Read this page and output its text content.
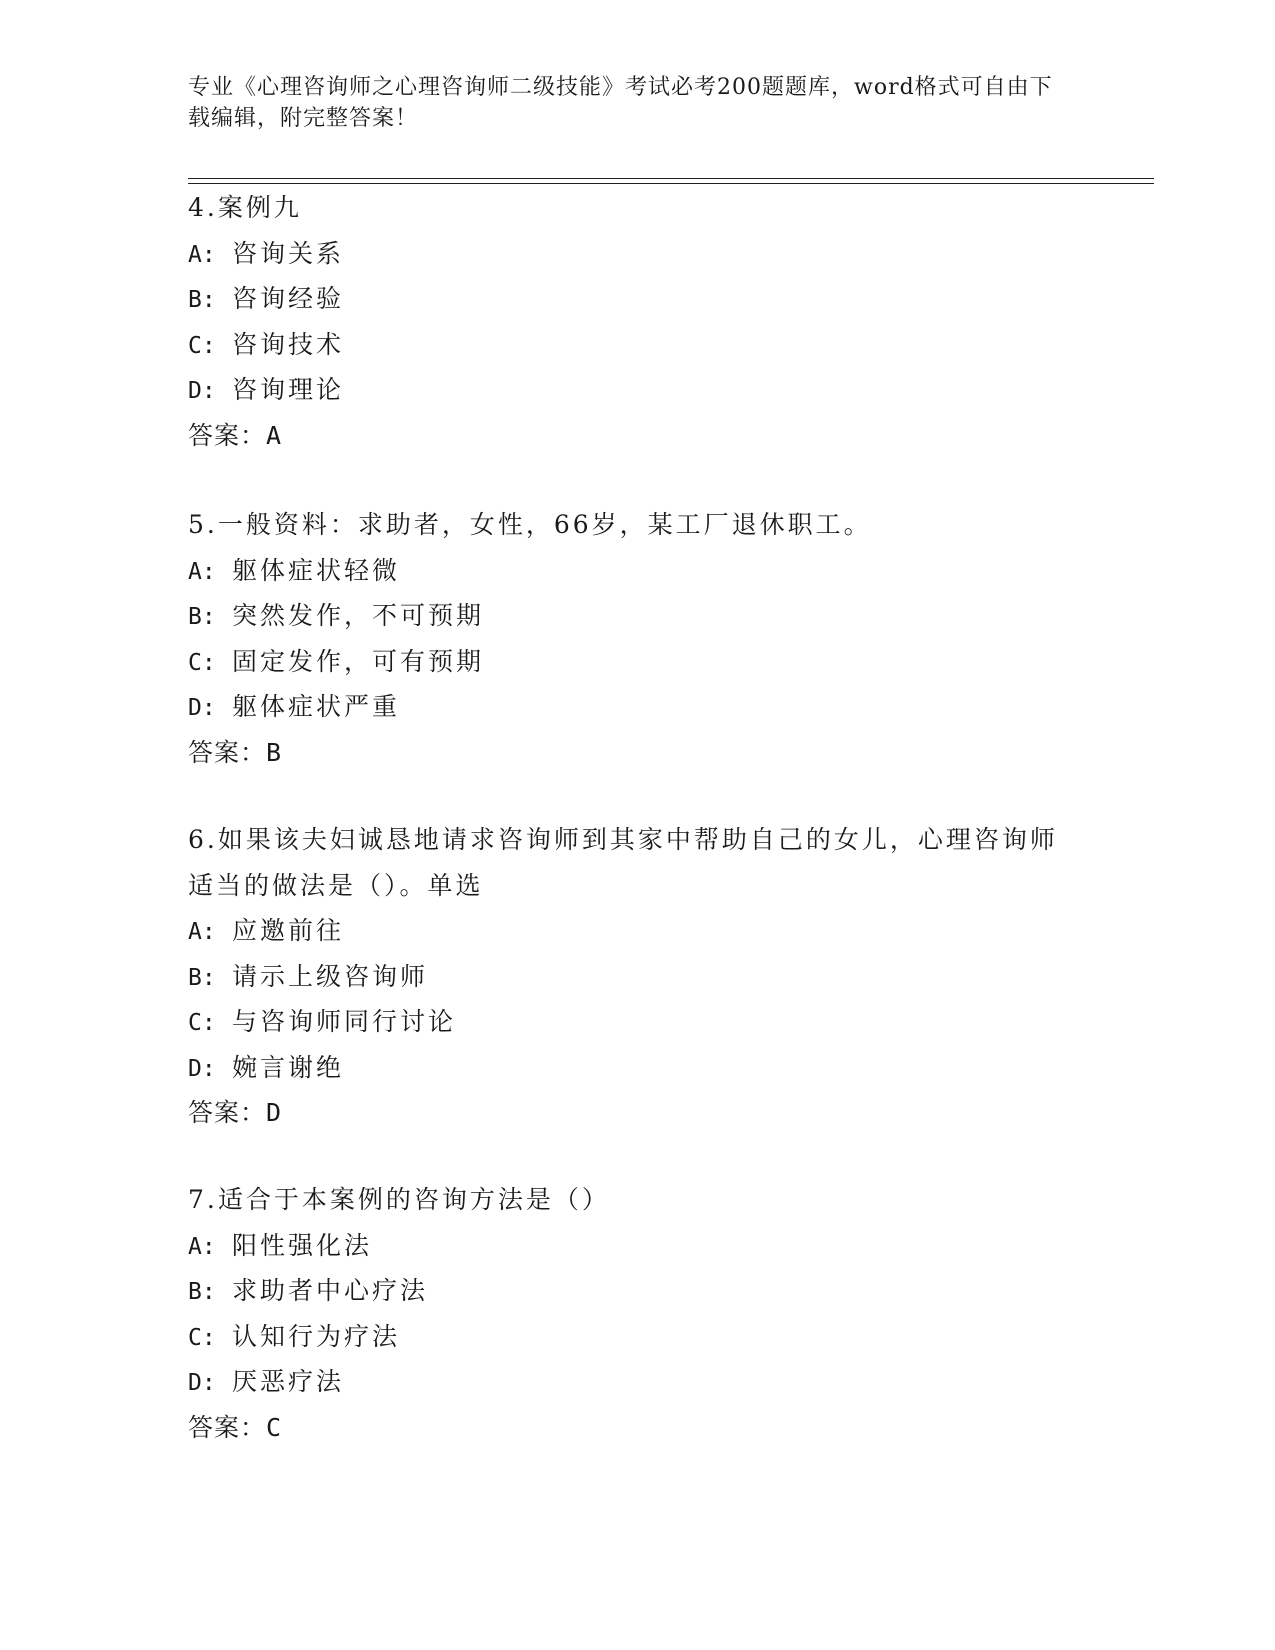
专业《心理咨询师之心理咨询师二级技能》考试必考200题题库，word格式可自由下载编辑，附完整答案！
4.案例九
A: 咨询关系
B: 咨询经验
C: 咨询技术
D: 咨询理论
答案：A
5.一般资料：求助者，女性，66岁，某工厂退休职工。
A: 躯体症状轻微
B: 突然发作，不可预期
C: 固定发作，可有预期
D: 躯体症状严重
答案：B
6.如果该夫妇诚恳地请求咨询师到其家中帮助自己的女儿，心理咨询师适当的做法是（）。单选
A: 应邀前往
B: 请示上级咨询师
C: 与咨询师同行讨论
D: 婉言谢绝
答案：D
7.适合于本案例的咨询方法是（）
A: 阳性强化法
B: 求助者中心疗法
C: 认知行为疗法
D: 厌恶疗法
答案：C
